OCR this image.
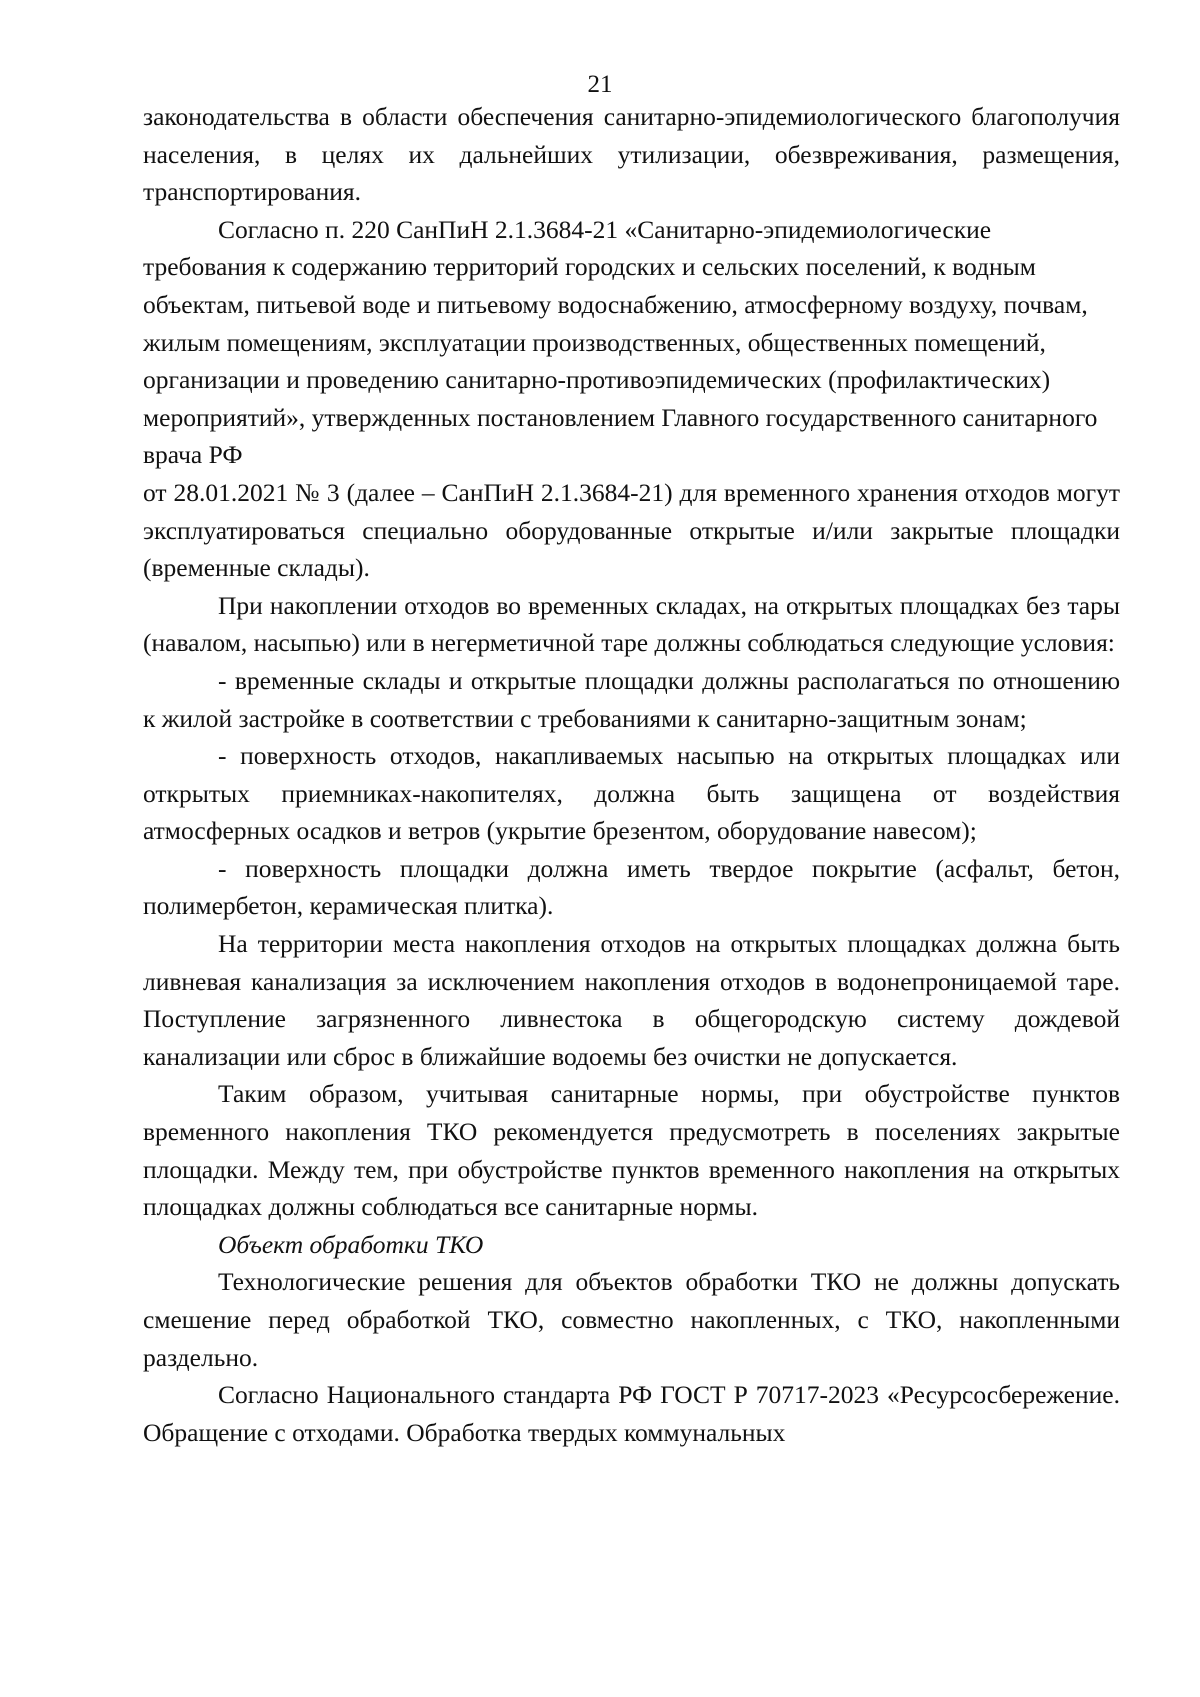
21

законодательства в области обеспечения санитарно-эпидемиологического благополучия населения, в целях их дальнейших утилизации, обезвреживания, размещения, транспортирования.

Согласно п. 220 СанПиН 2.1.3684-21 «Санитарно-эпидемиологические требования к содержанию территорий городских и сельских поселений, к водным объектам, питьевой воде и питьевому водоснабжению, атмосферному воздуху, почвам, жилым помещениям, эксплуатации производственных, общественных помещений, организации и проведению санитарно-противоэпидемических (профилактических) мероприятий», утвержденных постановлением Главного государственного санитарного врача РФ

от 28.01.2021 № 3 (далее – СанПиН 2.1.3684-21) для временного хранения отходов могут эксплуатироваться специально оборудованные открытые и/или закрытые площадки (временные склады).

При накоплении отходов во временных складах, на открытых площадках без тары (навалом, насыпью) или в негерметичной таре должны соблюдаться следующие условия:

- временные склады и открытые площадки должны располагаться по отношению к жилой застройке в соответствии с требованиями к санитарно-защитным зонам;

- поверхность отходов, накапливаемых насыпью на открытых площадках или открытых приемниках-накопителях, должна быть защищена от воздействия атмосферных осадков и ветров (укрытие брезентом, оборудование навесом);

- поверхность площадки должна иметь твердое покрытие (асфальт, бетон, полимербетон, керамическая плитка).

На территории места накопления отходов на открытых площадках должна быть ливневая канализация за исключением накопления отходов в водонепроницаемой таре. Поступление загрязненного ливнестока в общегородскую систему дождевой канализации или сброс в ближайшие водоемы без очистки не допускается.

Таким образом, учитывая санитарные нормы, при обустройстве пунктов временного накопления ТКО рекомендуется предусмотреть в поселениях закрытые площадки. Между тем, при обустройстве пунктов временного накопления на открытых площадках должны соблюдаться все санитарные нормы.

Объект обработки ТКО

Технологические решения для объектов обработки ТКО не должны допускать смешение перед обработкой ТКО, совместно накопленных, с ТКО, накопленными раздельно.

Согласно Национального стандарта РФ ГОСТ Р 70717-2023 «Ресурсосбережение. Обращение с отходами. Обработка твердых коммунальных
